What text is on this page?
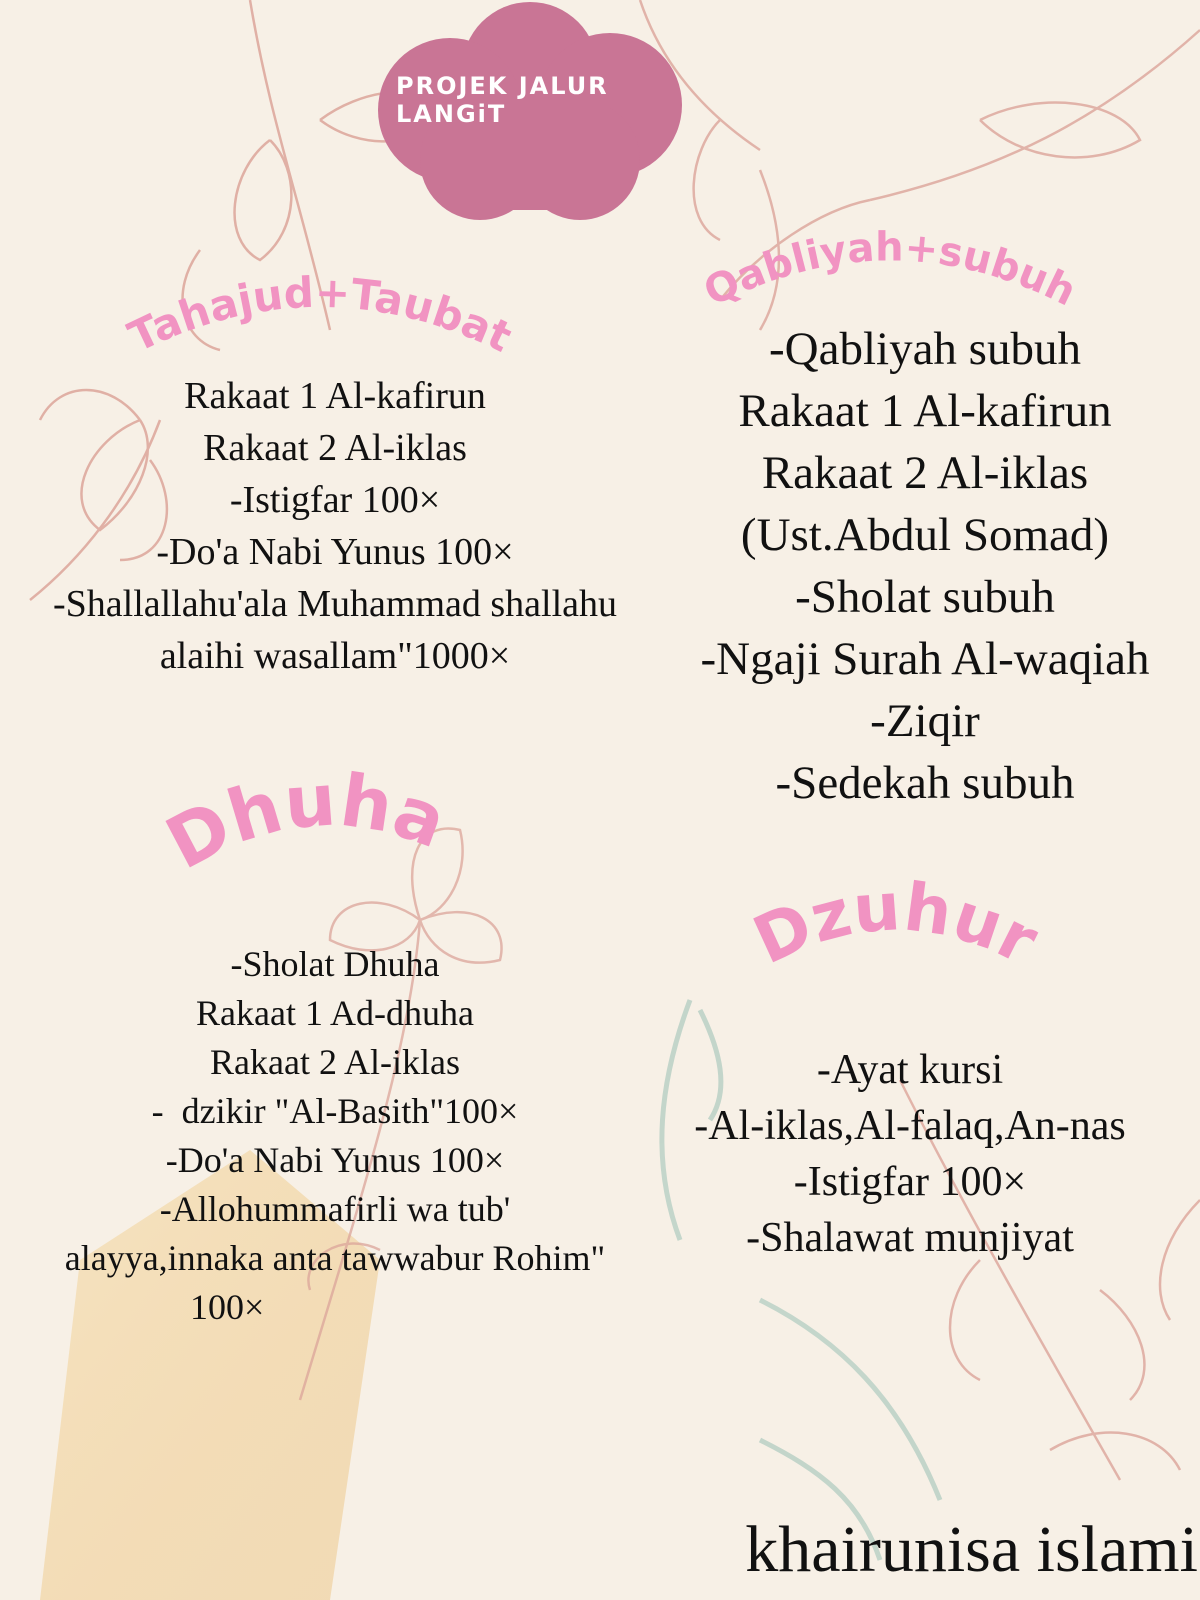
PROJEK JALUR LANGiT
Tahajud+Taubat
Qabliyah+subuh
Dhuha
Dzuhur
Rakaat 1 Al-kafirun
Rakaat 2 Al-iklas
-Istigfar 100×
-Do'a Nabi Yunus 100×
-Shallallahu'ala Muhammad shallahu
alaihi wasallam"1000×
-Qabliyah subuh
Rakaat 1 Al-kafirun
Rakaat 2 Al-iklas
(Ust.Abdul Somad)
-Sholat subuh
-Ngaji Surah Al-waqiah
-Ziqir
-Sedekah subuh
-Sholat Dhuha
Rakaat 1 Ad-dhuha
Rakaat 2 Al-iklas
-  dzikir "Al-Basith"100×
-Do'a Nabi Yunus 100×
-Allohummafirli wa tub'
alayya,innaka anta tawwabur Rohim"
100×
-Ayat kursi
-Al-iklas,Al-falaq,An-nas
-Istigfar 100×
-Shalawat munjiyat
khairunisa islami
